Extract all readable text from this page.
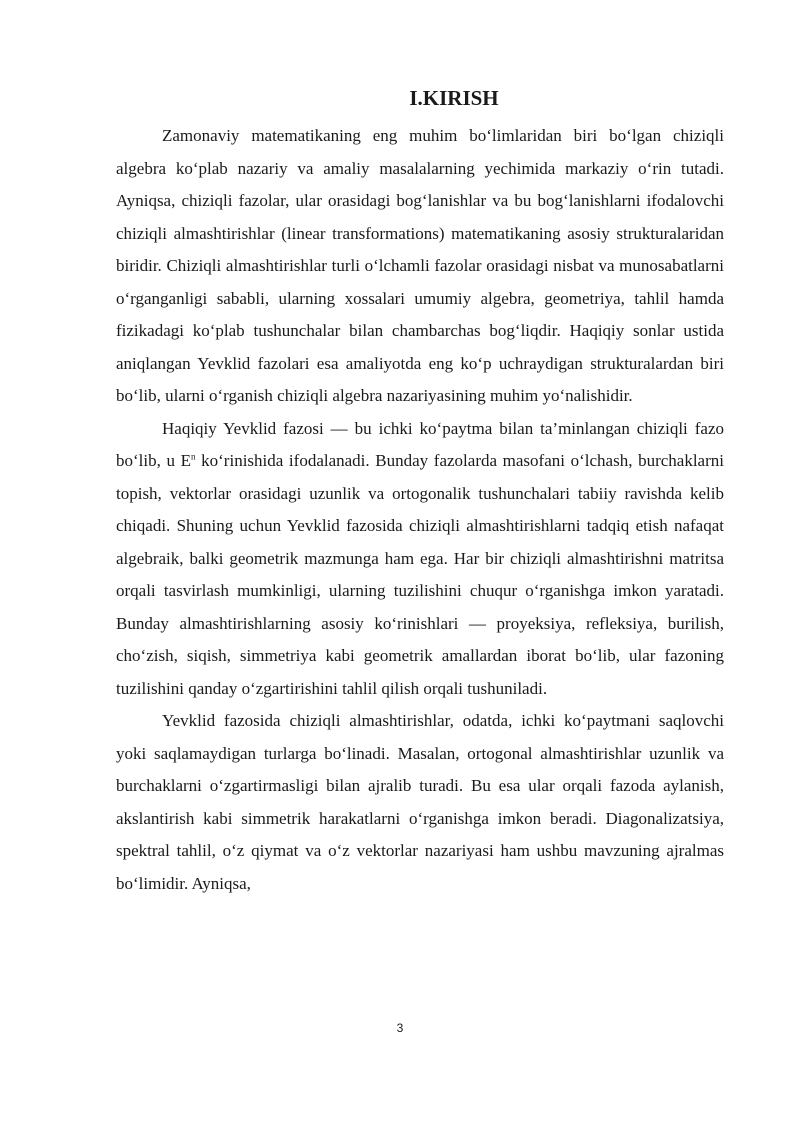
I.KIRISH

Zamonaviy matematikaning eng muhim bo‘limlaridan biri bo‘lgan chiziqli algebra ko‘plab nazariy va amaliy masalalarning yechimida markaziy o‘rin tutadi. Ayniqsa, chiziqli fazolar, ular orasidagi bog‘lanishlar va bu bog‘lanishlarni ifodalovchi chiziqli almashtirishlar (linear transformations) matematikaning asosiy strukturalaridan biridir. Chiziqli almashtirishlar turli o‘lchamli fazolar orasidagi nisbat va munosabatlarni o‘rganganligi sababli, ularning xossalari umumiy algebra, geometriya, tahlil hamda fizikadagi ko‘plab tushunchalar bilan chambarchas bog‘liqdir. Haqiqiy sonlar ustida aniqlangan Yevklid fazolari esa amaliyotda eng ko‘p uchraydigan strukturalardan biri bo‘lib, ularni o‘rganish chiziqli algebra nazariyasining muhim yo‘nalishidir.

Haqiqiy Yevklid fazosi — bu ichki ko‘paytma bilan ta’minlangan chiziqli fazo bo‘lib, u $E^n$ ko‘rinishida ifodalanadi. Bunday fazolarda masofani o‘lchash, burchaklarni topish, vektorlar orasidagi uzunlik va ortogonalik tushunchalari tabiiy ravishda kelib chiqadi. Shuning uchun Yevklid fazosida chiziqli almashtirishlarni tadqiq etish nafaqat algebraik, balki geometrik mazmunga ham ega. Har bir chiziqli almashtirishni matritsa orqali tasvirlash mumkinligi, ularning tuzilishini chuqur o‘rganishga imkon yaratadi. Bunday almashtirishlarning asosiy ko‘rinishlari — proyeksiya, refleksiya, burilish, cho‘zish, siqish, simmetriya kabi geometrik amallardan iborat bo‘lib, ular fazoning tuzilishini qanday o‘zgartirishini tahlil qilish orqali tushuniladi.

Yevklid fazosida chiziqli almashtirishlar, odatda, ichki ko‘paytmani saqlovchi yoki saqlamaydigan turlarga bo‘linadi. Masalan, ortogonal almashtirishlar uzunlik va burchaklarni o‘zgartirmasligi bilan ajralib turadi. Bu esa ular orqali fazoda aylanish, akslantirish kabi simmetrik harakatlarni o‘rganishga imkon beradi. Diagonalizatsiya, spektral tahlil, o‘z qiymat va o‘z vektorlar nazariyasi ham ushbu mavzuning ajralmas bo‘limidir. Ayniqsa,

3
